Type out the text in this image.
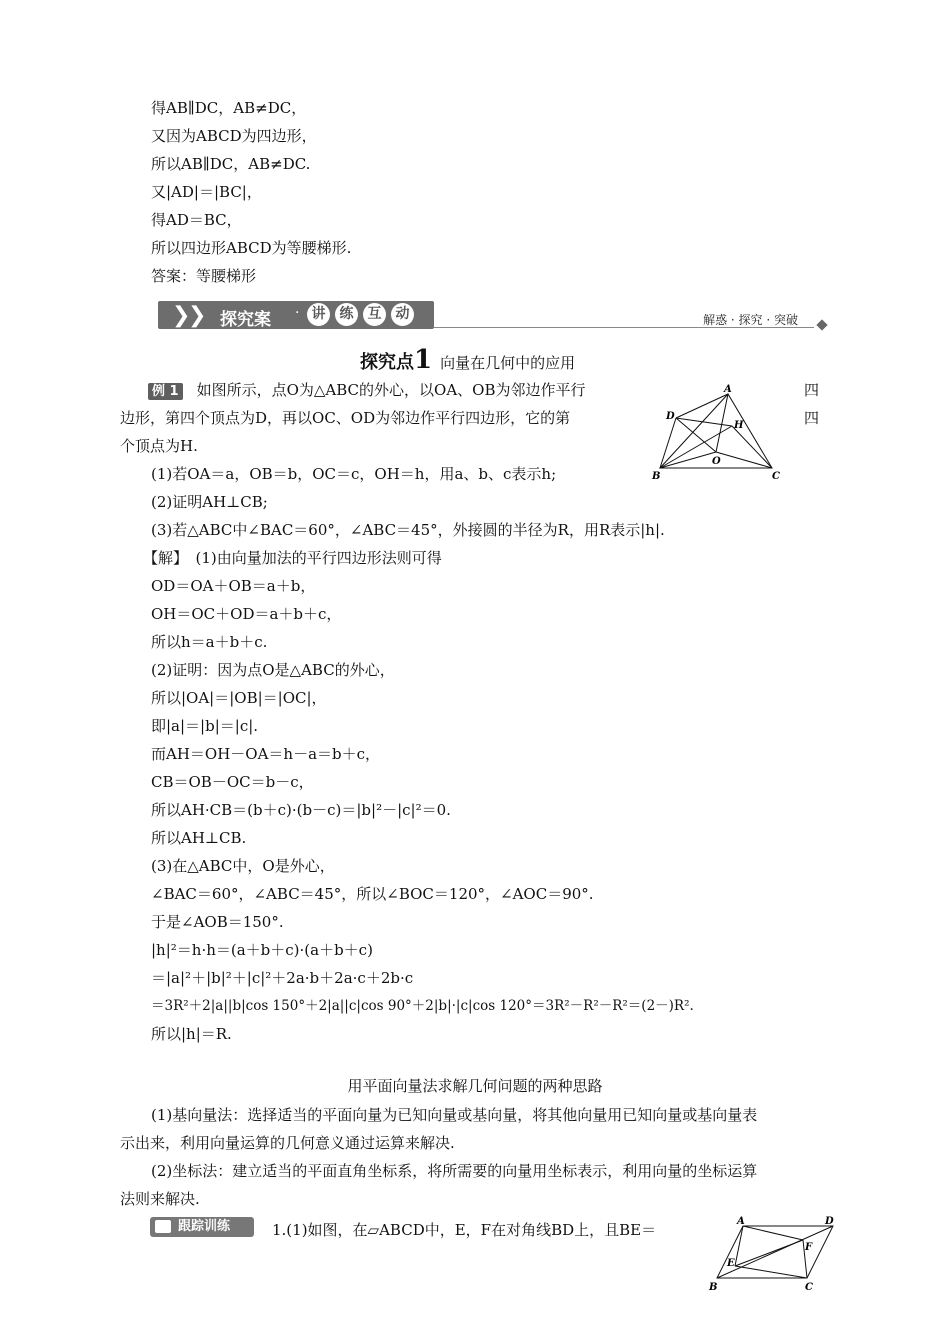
得AB∥DC，AB≠DC，
又因为ABCD为四边形，
所以AB∥DC，AB≠DC.
又|AD|＝|BC|，
得AD＝BC，
所以四边形ABCD为等腰梯形.
答案：等腰梯形
❯
❯ 探究案 · 讲	练	互	动	解惑 · 探究 · 突破
探究点1 向量在几何中的应用
例 1 如图所示，点O为△ABC的外心，以OA、OB为邻边作平行	四
边形，第四个顶点为D，再以OC、OD为邻边作平行四边形，它的第	四
个顶点为H.
(1)若OA＝a，OB＝b，OC＝c，OH＝h，用a、b、c表示h;
(2)证明AH⊥CB;
(3)若△ABC中∠BAC＝60°，∠ABC＝45°，外接圆的半径为R，用R表示|h|.
A
D
H
O
B	C
【解】　(1)由向量加法的平行四边形法则可得
OD＝OA＋OB＝a＋b，
OH＝OC＋OD＝a＋b＋c，
所以h＝a＋b＋c.
(2)证明：因为点O是△ABC的外心，
所以|OA|＝|OB|＝|OC|，
即|a|＝|b|＝|c|.
而AH＝OH－OA＝h－a＝b＋c，
CB＝OB－OC＝b－c，
所以AH·CB＝(b＋c)·(b－c)＝|b|²－|c|²＝0.
所以AH⊥CB.
(3)在△ABC中，O是外心，
∠BAC＝60°，∠ABC＝45°，所以∠BOC＝120°，∠AOC＝90°.
于是∠AOB＝150°.
|h|²＝h·h＝(a＋b＋c)·(a＋b＋c)
＝|a|²＋|b|²＋|c|²＋2a·b＋2a·c＋2b·c
＝3R²＋2|a||b|cos 150°＋2|a||c|cos 90°＋2|b|·|c|cos 120°＝3R²－R²－R²＝(2－)R².
所以|h|＝R.
用平面向量法求解几何问题的两种思路
(1)基向量法：选择适当的平面向量为已知向量或基向量，将其他向量用已知向量或基向量表
示出来，利用向量运算的几何意义通过运算来解决.
(2)坐标法：建立适当的平面直角坐标系，将所需要的向量用坐标表示，利用向量的坐标运算
法则来解决.
跟踪训练	1.(1)如图，在▱ABCD中，E，F在对角线BD上，且BE＝	A	D
E
F
B	C
